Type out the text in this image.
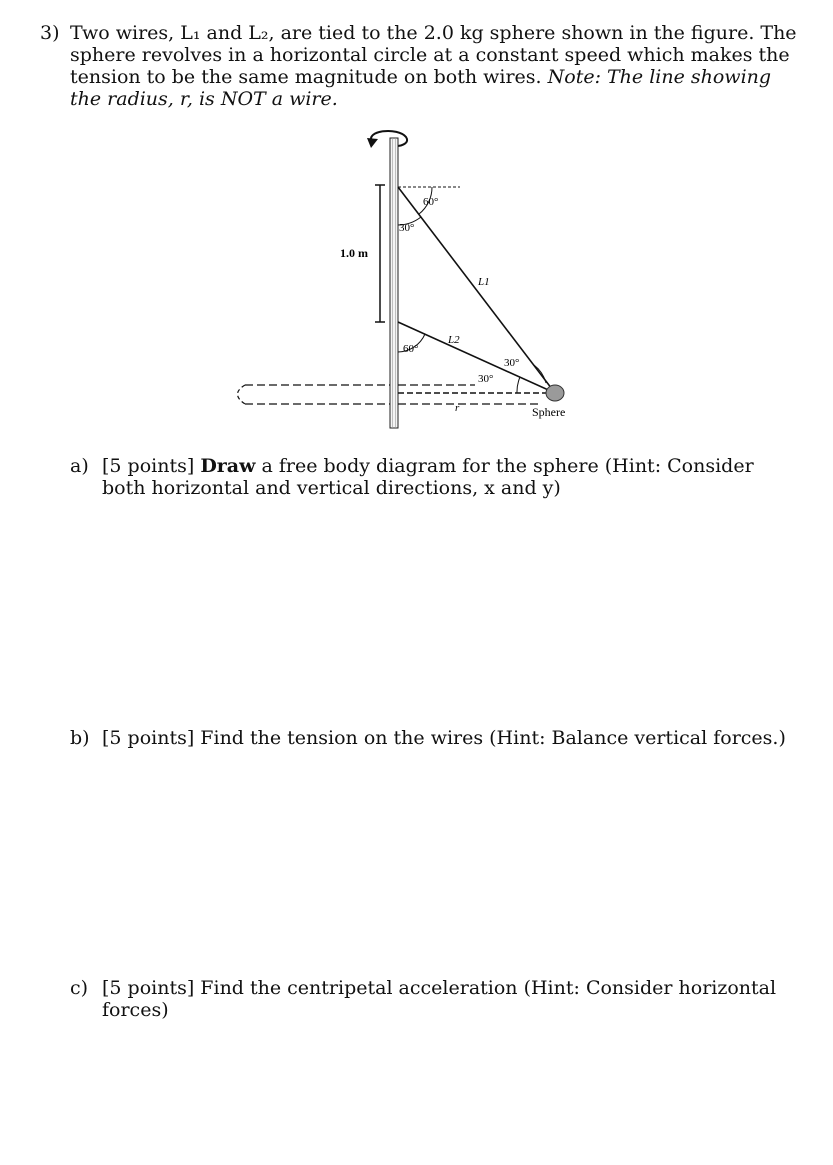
3) Two wires, L₁ and L₂, are tied to the 2.0 kg sphere shown in the figure. The sphere revolves in a horizontal circle at a constant speed which makes the tension to be the same magnitude on both wires. Note: The line showing the radius, r, is NOT a wire.
1.0 m
60°
30°
60°
L1
L2
30°
30°
r	Sphere
a) [5 points] Draw a free body diagram for the sphere (Hint: Consider both horizontal and vertical directions, x and y)
b) [5 points] Find the tension on the wires (Hint: Balance vertical forces.)
c) [5 points] Find the centripetal acceleration (Hint: Consider horizontal forces)
